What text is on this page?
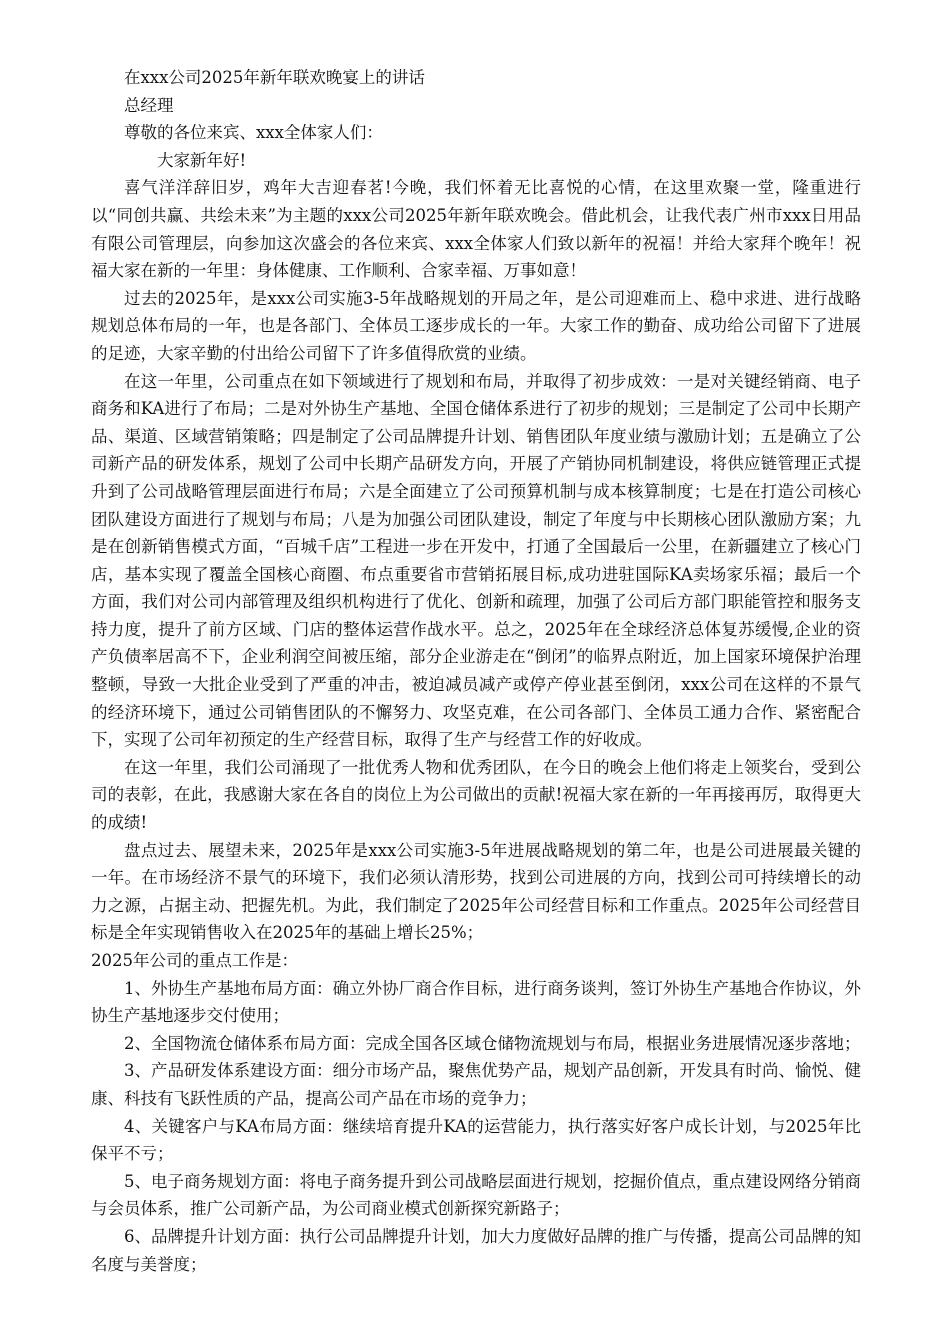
在xxx公司2025年新年联欢晚宴上的讲话

总经理

尊敬的各位来宾、xxx全体家人们：

大家新年好!

喜气洋洋辞旧岁，鸡年大吉迎春茗!今晚，我们怀着无比喜悦的心情，在这里欢聚一堂，隆重进行以“同创共赢、共绘未来”为主题的xxx公司2025年新年联欢晚会。借此机会，让我代表广州市xxx日用品有限公司管理层，向参加这次盛会的各位来宾、xxx全体家人们致以新年的祝福！并给大家拜个晚年！祝福大家在新的一年里：身体健康、工作顺利、合家幸福、万事如意！

过去的2025年，是xxx公司实施3-5年战略规划的开局之年，是公司迎难而上、稳中求进、进行战略规划总体布局的一年，也是各部门、全体员工逐步成长的一年。大家工作的勤奋、成功给公司留下了进展的足迹，大家辛勤的付出给公司留下了许多值得欣赏的业绩。

在这一年里，公司重点在如下领域进行了规划和布局，并取得了初步成效：一是对关键经销商、电子商务和KA进行了布局；二是对外协生产基地、全国仓储体系进行了初步的规划；三是制定了公司中长期产品、渠道、区域营销策略；四是制定了公司品牌提升计划、销售团队年度业绩与激励计划；五是确立了公司新产品的研发体系，规划了公司中长期产品研发方向，开展了产销协同机制建设，将供应链管理正式提升到了公司战略管理层面进行布局；六是全面建立了公司预算机制与成本核算制度；七是在打造公司核心团队建设方面进行了规划与布局；八是为加强公司团队建设，制定了年度与中长期核心团队激励方案；九是在创新销售模式方面，“百城千店”工程进一步在开发中，打通了全国最后一公里，在新疆建立了核心门店，基本实现了覆盖全国核心商圈、布点重要省市营销拓展目标,成功进驻国际KA卖场家乐福；最后一个方面，我们对公司内部管理及组织机构进行了优化、创新和疏理，加强了公司后方部门职能管控和服务支持力度，提升了前方区域、门店的整体运营作战水平。总之，2025年在全球经济总体复苏缓慢,企业的资产负债率居高不下，企业利润空间被压缩，部分企业游走在“倒闭”的临界点附近，加上国家环境保护治理整顿，导致一大批企业受到了严重的冲击，被迫减员减产或停产停业甚至倒闭，xxx公司在这样的不景气的经济环境下，通过公司销售团队的不懈努力、攻坚克难，在公司各部门、全体员工通力合作、紧密配合下，实现了公司年初预定的生产经营目标，取得了生产与经营工作的好收成。

在这一年里，我们公司涌现了一批优秀人物和优秀团队，在今日的晚会上他们将走上领奖台，受到公司的表彰，在此，我感谢大家在各自的岗位上为公司做出的贡献!祝福大家在新的一年再接再厉，取得更大的成绩!

盘点过去、展望未来，2025年是xxx公司实施3-5年进展战略规划的第二年，也是公司进展最关键的一年。在市场经济不景气的环境下，我们必须认清形势，找到公司进展的方向，找到公司可持续增长的动力之源，占据主动、把握先机。为此，我们制定了2025年公司经营目标和工作重点。2025年公司经营目标是全年实现销售收入在2025年的基础上增长25%；

2025年公司的重点工作是：

1、外协生产基地布局方面：确立外协厂商合作目标，进行商务谈判，签订外协生产基地合作协议，外协生产基地逐步交付使用；

2、全国物流仓储体系布局方面：完成全国各区域仓储物流规划与布局，根据业务进展情况逐步落地；

3、产品研发体系建设方面：细分市场产品，聚焦优势产品，规划产品创新，开发具有时尚、愉悦、健康、科技有飞跃性质的产品，提高公司产品在市场的竞争力；

4、关键客户与KA布局方面：继续培育提升KA的运营能力，执行落实好客户成长计划，与2025年比保平不亏；

5、电子商务规划方面：将电子商务提升到公司战略层面进行规划，挖掘价值点，重点建设网络分销商与会员体系，推广公司新产品，为公司商业模式创新探究新路子；

6、品牌提升计划方面：执行公司品牌提升计划，加大力度做好品牌的推广与传播，提高公司品牌的知名度与美誉度；
